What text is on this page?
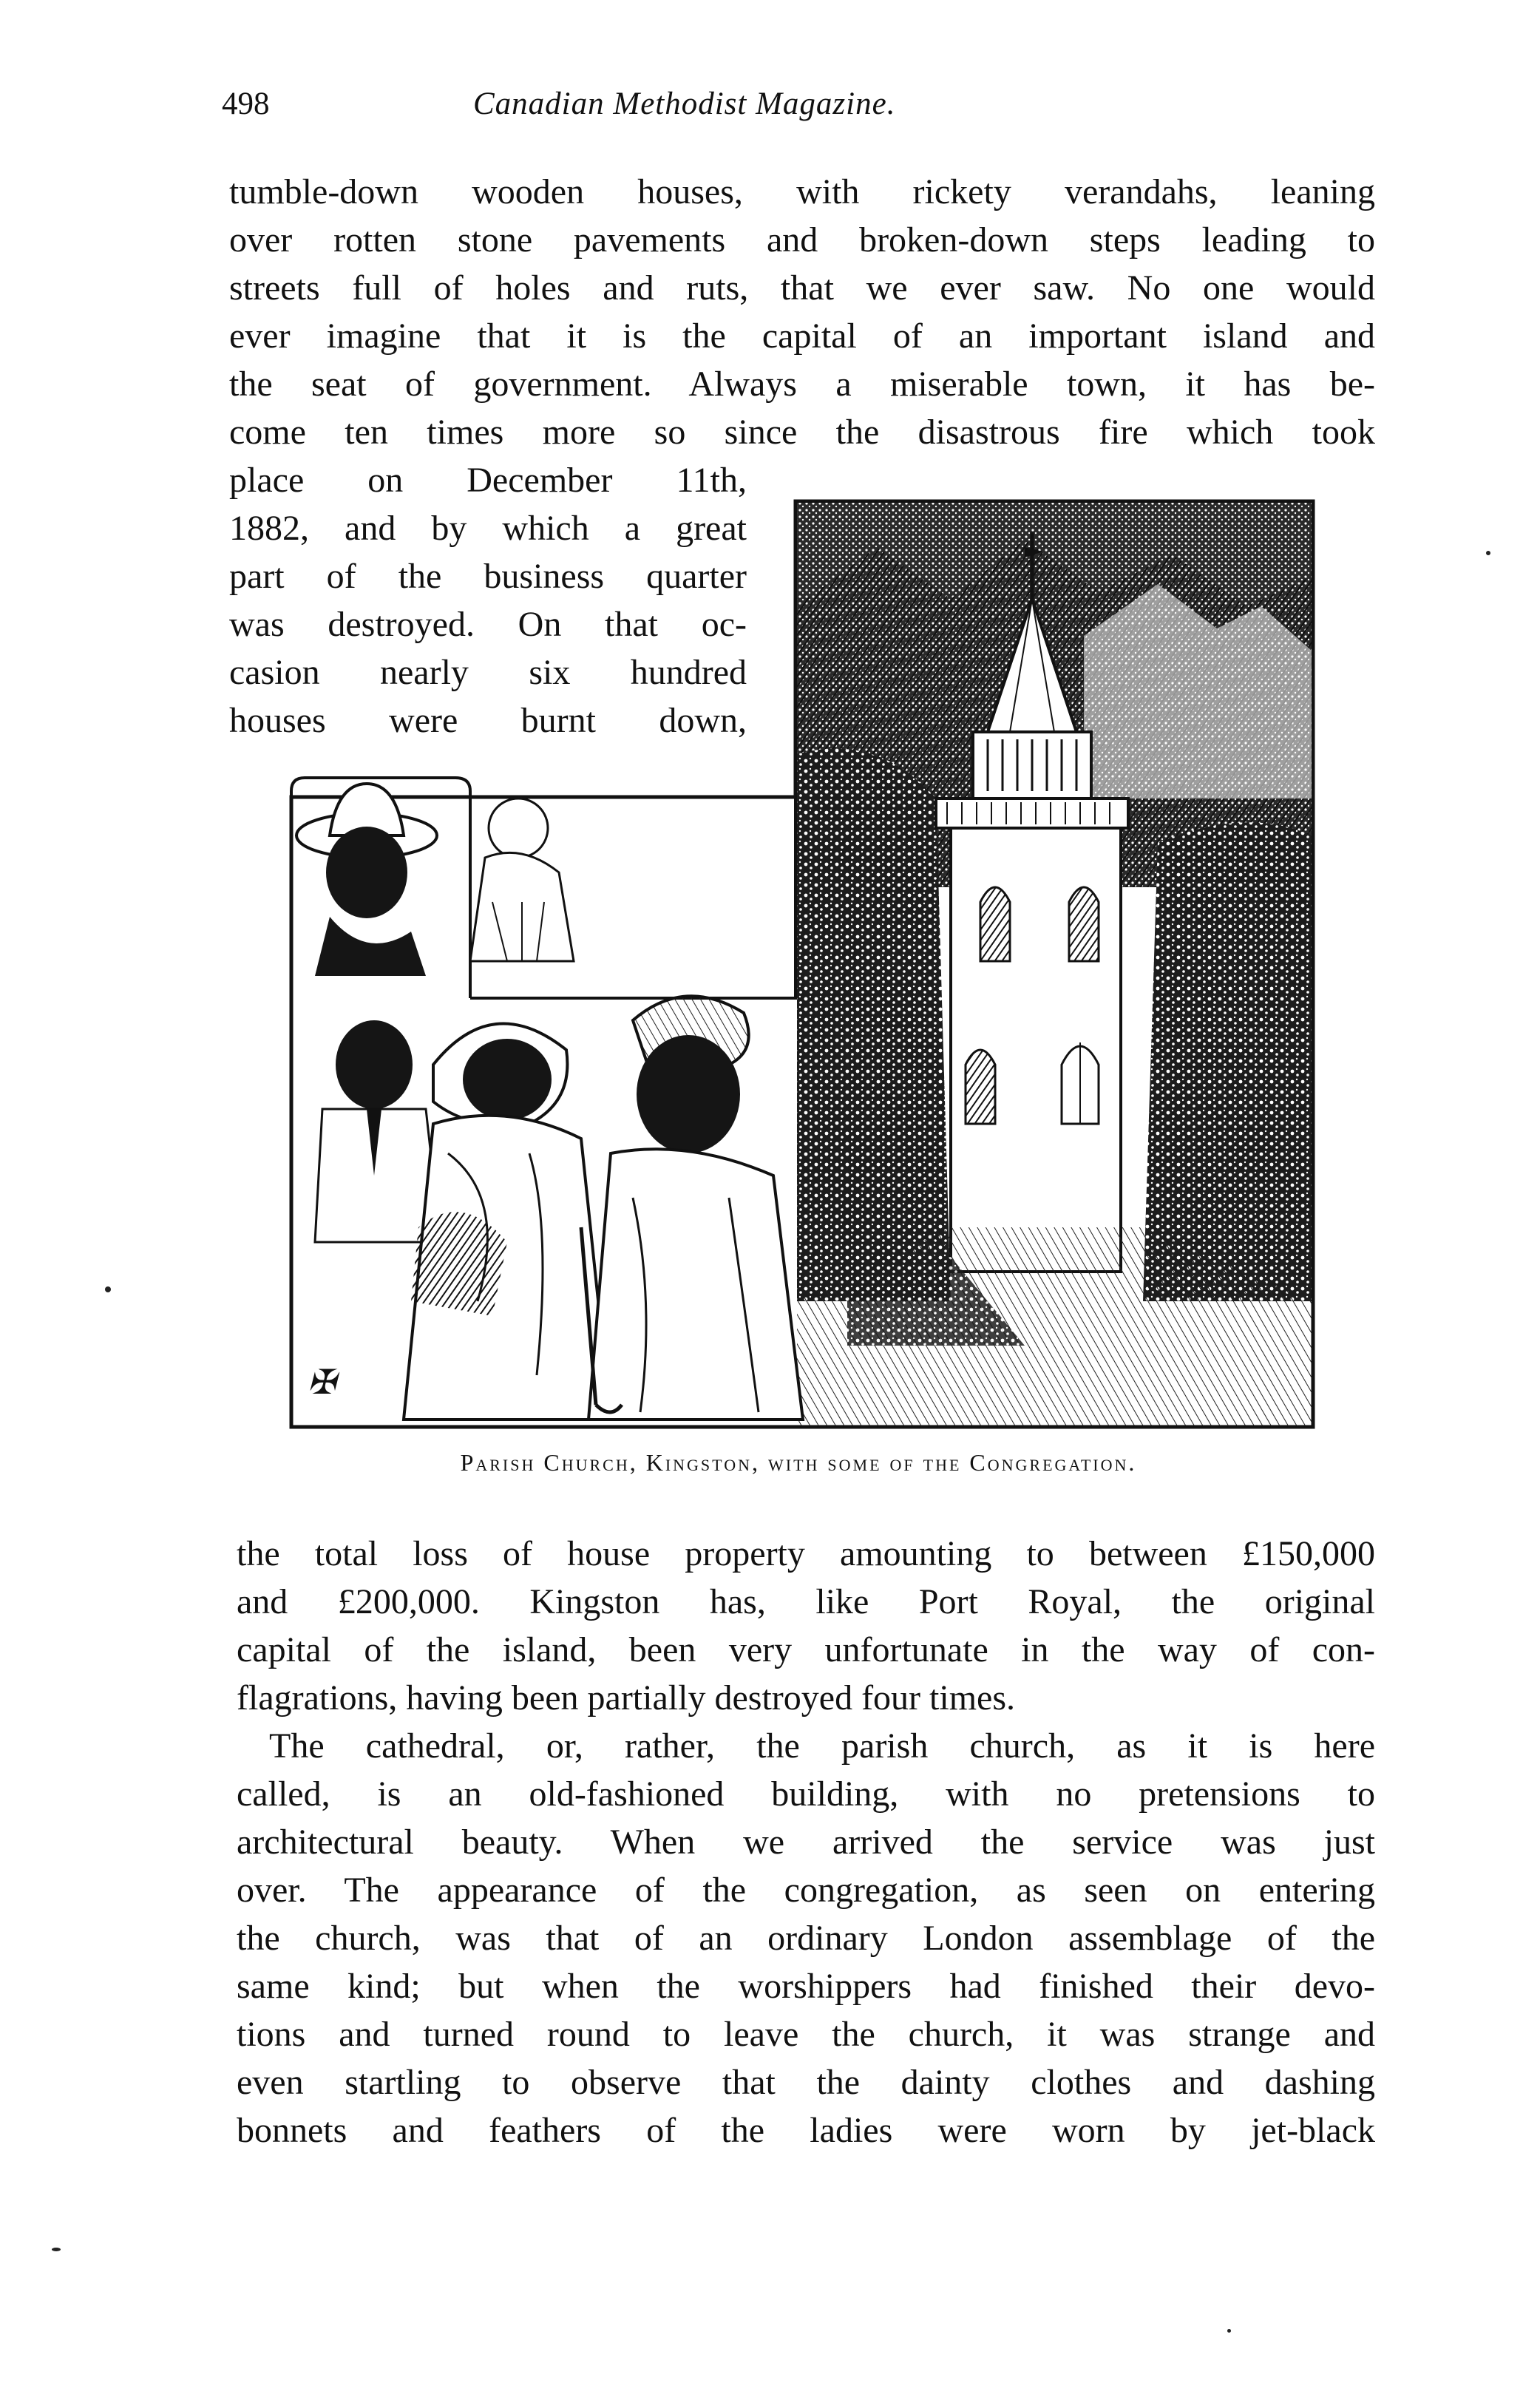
498	Canadian Methodist Magazine.
tumble-down wooden houses, with rickety verandahs, leaning
over rotten stone pavements and broken-down steps leading to
streets full of holes and ruts, that we ever saw. No one would
ever imagine that it is the capital of an important island and
the seat of government. Always a miserable town, it has be-
come ten times more so since the disastrous fire which took
place on December 11th,
1882, and by which a great
part of the business quarter
was destroyed. On that oc-
casion nearly six hundred
houses were burnt down,
✠
Parish Church, Kingston, with some of the Congregation.
the total loss of house property amounting to between £150,000
and £200,000. Kingston has, like Port Royal, the original
capital of the island, been very unfortunate in the way of con-
flagrations, having been partially destroyed four times.
The cathedral, or, rather, the parish church, as it is here
called, is an old-fashioned building, with no pretensions to
architectural beauty. When we arrived the service was just
over. The appearance of the congregation, as seen on entering
the church, was that of an ordinary London assemblage of the
same kind; but when the worshippers had finished their devo-
tions and turned round to leave the church, it was strange and
even startling to observe that the dainty clothes and dashing
bonnets and feathers of the ladies were worn by jet-black
